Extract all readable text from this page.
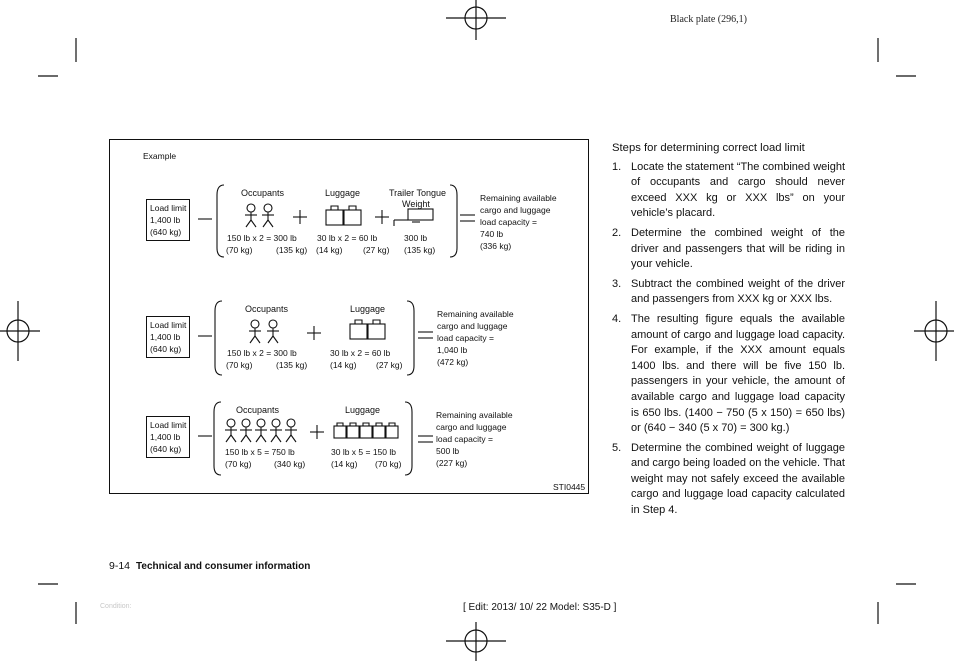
Black plate (296,1)
Example
STI0445
Load limit
1,400 lb
(640 kg)
Occupants	Luggage	Trailer Tongue
Weight
150 lb x 2 = 300 lb 30 lb x 2 = 60 lb	300 lb
(70 kg)	(135 kg) (14 kg) (27 kg) (135 kg)
Remaining available
cargo and luggage
load capacity =
740 lb
(336 kg)
Load limit
1,400 lb
(640 kg)
Occupants	Luggage
150 lb x 2 = 300 lb	30 lb x 2 = 60 lb
(70 kg)	(135 kg)	(14 kg) (27 kg)
Remaining available
cargo and luggage
load capacity =
1,040 lb
(472 kg)
Load limit
1,400 lb
(640 kg)
Occupants	Luggage
150 lb x 5 = 750 lb	30 lb x 5 = 150 lb
(70 kg)	(340 kg)	(14 kg) (70 kg)
Remaining available
cargo and luggage
load capacity =
500 lb
(227 kg)

Steps for determining correct load limit

1. Locate the statement “The combined weight of occupants and cargo should never exceed XXX kg or XXX lbs” on your vehicle’s placard.
2. Determine the combined weight of the driver and passengers that will be riding in your vehicle.
3. Subtract the combined weight of the driver and passengers from XXX kg or XXX lbs.
4. The resulting figure equals the available amount of cargo and luggage load capacity. For example, if the XXX amount equals 1400 lbs. and there will be five 150 lb. passengers in your vehicle, the amount of available cargo and luggage load capacity is 650 lbs. (1400 − 750 (5 x 150) = 650 lbs) or (640 − 340 (5 x 70) = 300 kg.)
5. Determine the combined weight of luggage and cargo being loaded on the vehicle. That weight may not safely exceed the available cargo and luggage load capacity calculated in Step 4.
9-14 Technical and consumer information
Condition:	[ Edit: 2013/ 10/ 22 Model: S35-D ]
